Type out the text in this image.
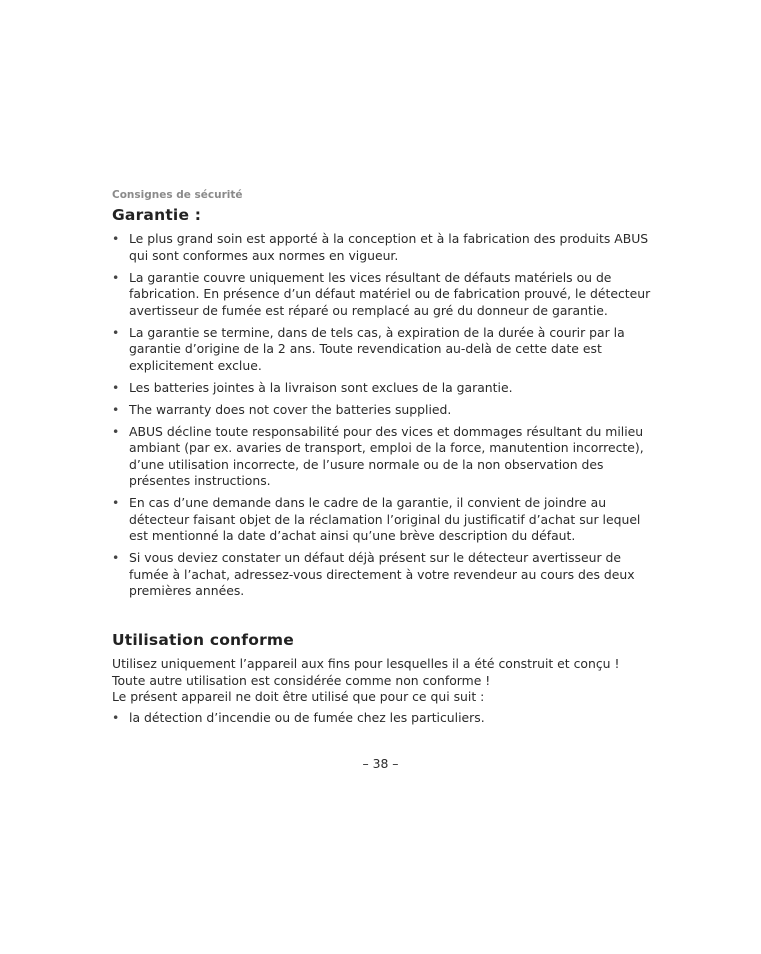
Consignes de sécurité

Garantie :
• Le plus grand soin est apporté à la conception et à la fabrication des produits ABUS qui sont conformes aux normes en vigueur.
• La garantie couvre uniquement les vices résultant de défauts matériels ou de fabrication. En présence d’un défaut matériel ou de fabrication prouvé, le détecteur avertisseur de fumée est réparé ou remplacé au gré du donneur de garantie.
• La garantie se termine, dans de tels cas, à expiration de la durée à courir par la garantie d’origine de la 2 ans. Toute revendication au-delà de cette date est explicitement exclue.
• Les batteries jointes à la livraison sont exclues de la garantie.
• The warranty does not cover the batteries supplied.
• ABUS décline toute responsabilité pour des vices et dommages résultant du milieu ambiant (par ex. avaries de transport, emploi de la force, manutention incorrecte), d’une utilisation incorrecte, de l’usure normale ou de la non observation des présentes instructions.
• En cas d’une demande dans le cadre de la garantie, il convient de joindre au détecteur faisant objet de la réclamation l’original du justificatif d’achat sur lequel est mentionné la date d’achat ainsi qu’une brève description du défaut.
• Si vous deviez constater un défaut déjà présent sur le détecteur avertisseur de fumée à l’achat, adressez-vous directement à votre revendeur au cours des deux premières années.
Utilisation conforme

Utilisez uniquement l’appareil aux fins pour lesquelles il a été construit et conçu !
Toute autre utilisation est considérée comme non conforme !
Le présent appareil ne doit être utilisé que pour ce qui suit :

• la détection d’incendie ou de fumée chez les particuliers.
– 38 –
